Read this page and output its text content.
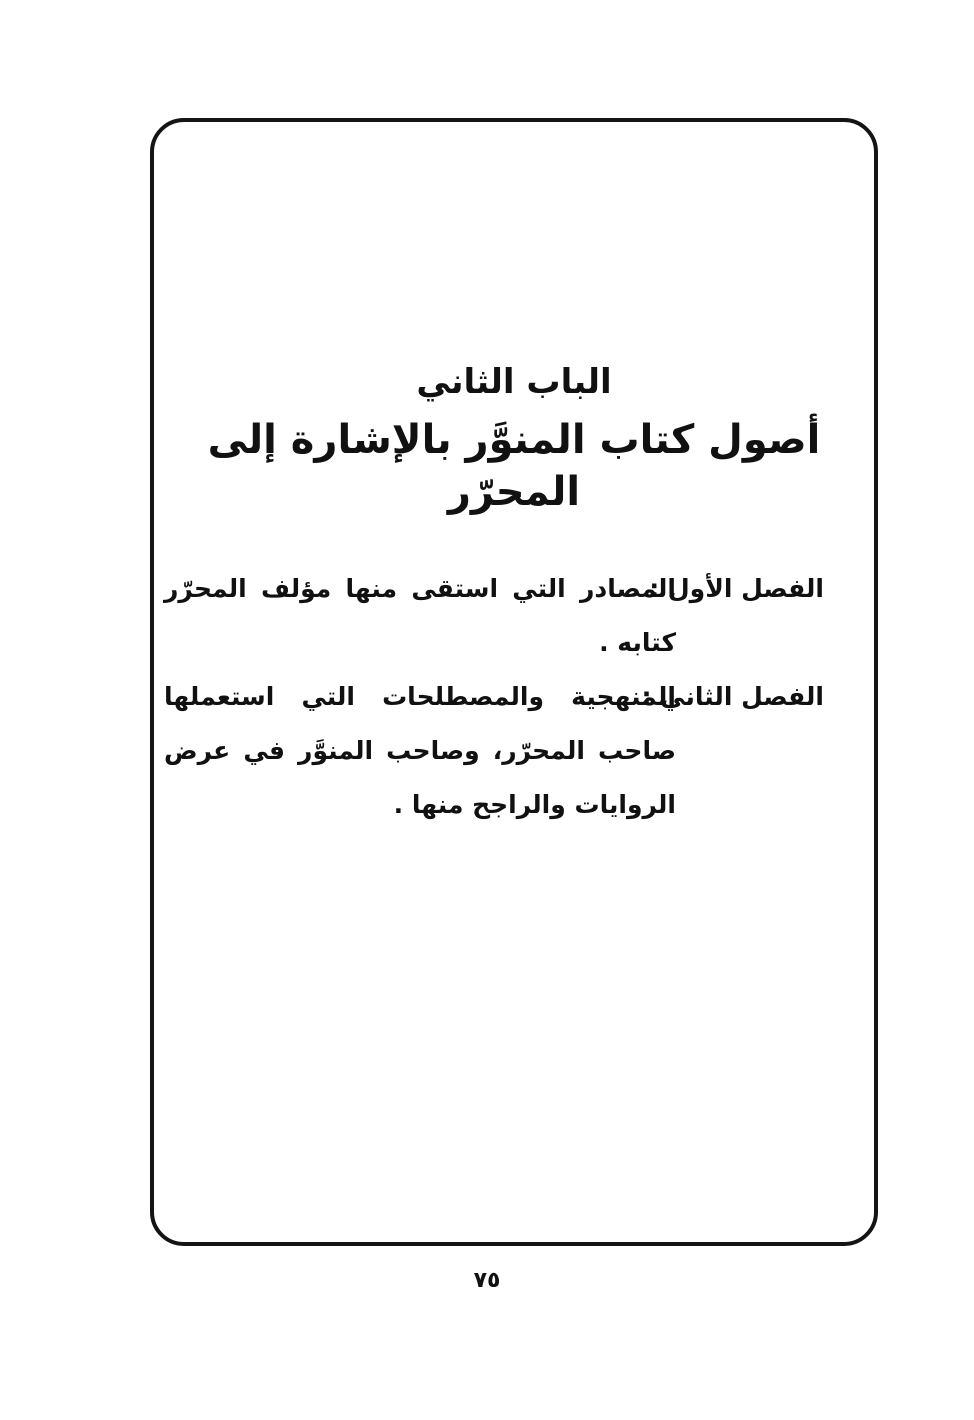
الباب الثاني
أصول كتاب المنوَّر بالإشارة إلى المحرّر
الفصل الأول :
المصادر التي استقى منها مؤلف المحرّر كتابه .
الفصل الثاني :
المنهجية والمصطلحات التي استعملها صاحب المحرّر، وصاحب المنوَّر في عرض الروايات والراجح منها .
٧٥
